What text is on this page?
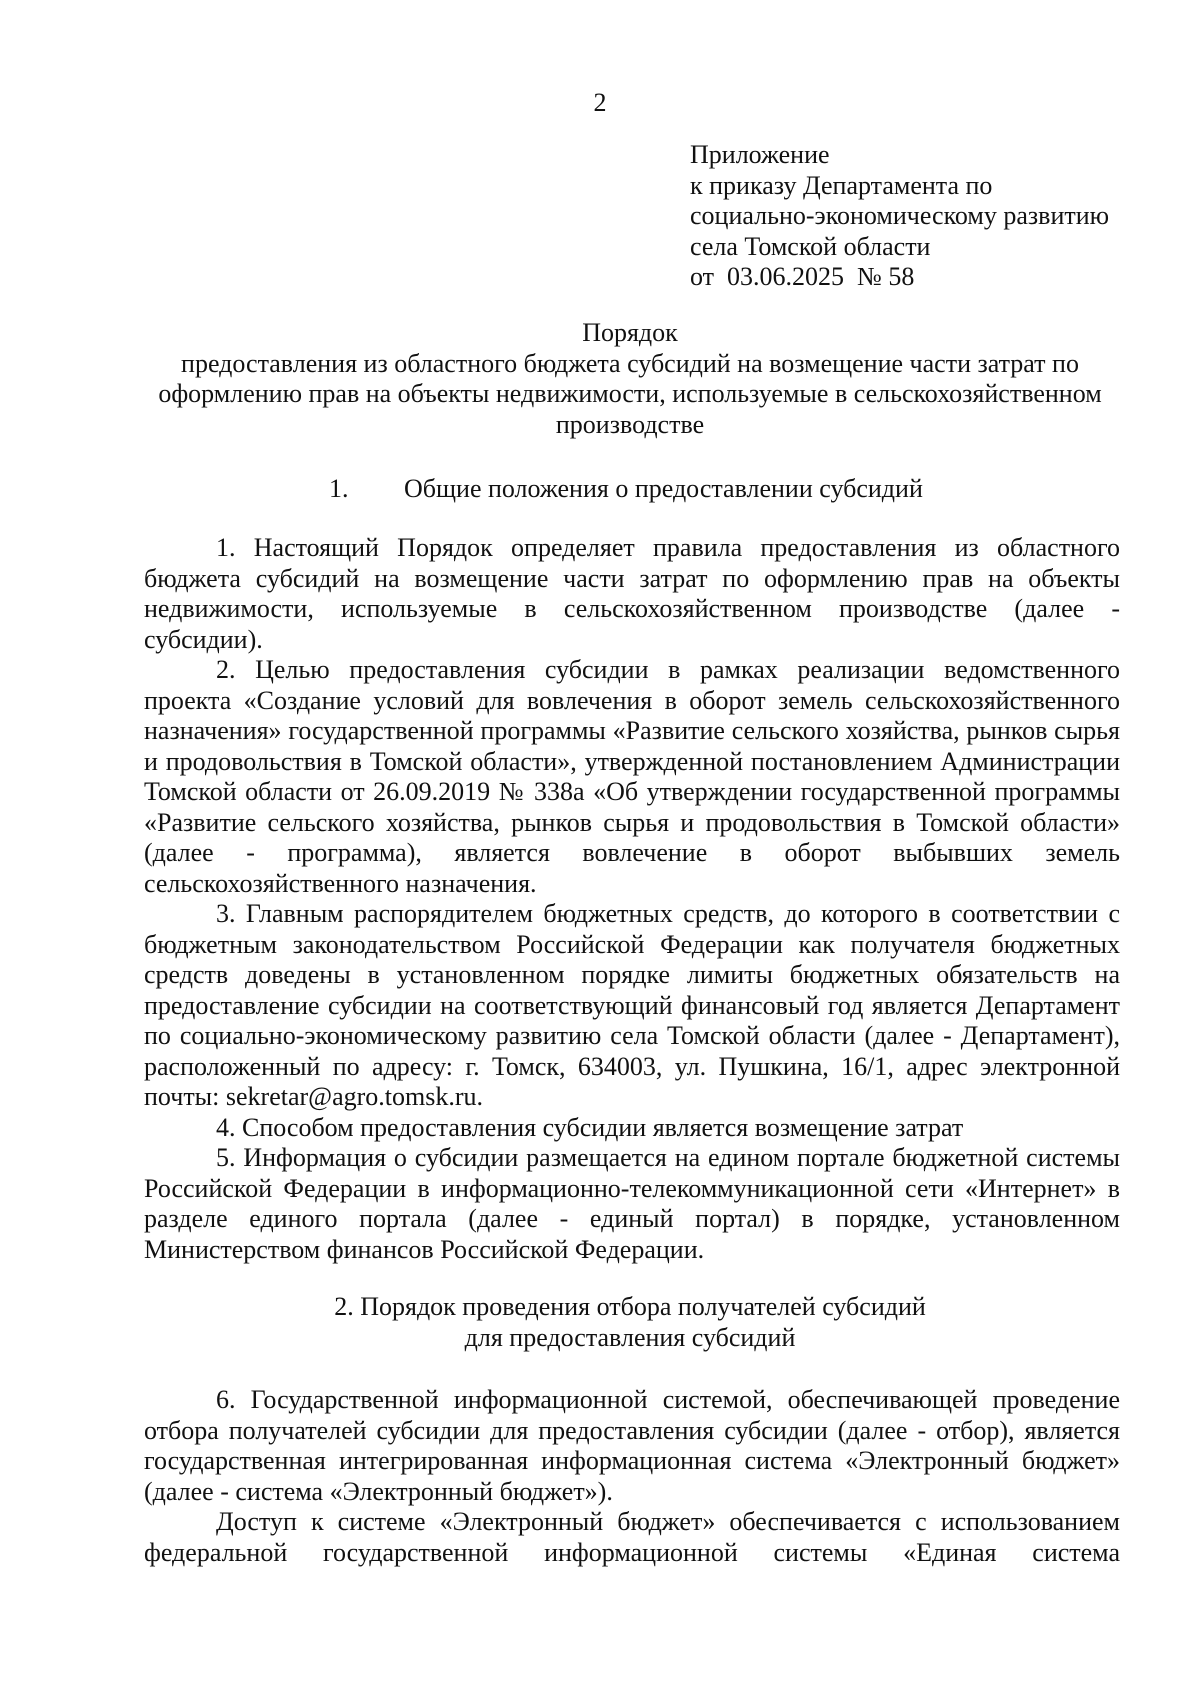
2
Приложение
к приказу Департамента по
социально-экономическому развитию
села Томской области
от  03.06.2025  № 58
Порядок
предоставления из областного бюджета субсидий на возмещение части затрат по
оформлению прав на объекты недвижимости, используемые в сельскохозяйственном
производстве
1. Общие положения о предоставлении субсидий

1. Настоящий Порядок определяет правила предоставления из областного бюджета субсидий на возмещение части затрат по оформлению прав на объекты недвижимости, используемые в сельскохозяйственном производстве (далее - субсидии).

2. Целью предоставления субсидии в рамках реализации ведомственного проекта «Создание условий для вовлечения в оборот земель сельскохозяйственного назначения» государственной программы «Развитие сельского хозяйства, рынков сырья и продовольствия в Томской области», утвержденной постановлением Администрации Томской области от 26.09.2019 № 338а «Об утверждении государственной программы «Развитие сельского хозяйства, рынков сырья и продовольствия в Томской области» (далее - программа), является вовлечение в оборот выбывших земель сельскохозяйственного назначения.

3. Главным распорядителем бюджетных средств, до которого в соответствии с бюджетным законодательством Российской Федерации как получателя бюджетных средств доведены в установленном порядке лимиты бюджетных обязательств на предоставление субсидии на соответствующий финансовый год является Департамент по социально-экономическому развитию села Томской области (далее - Департамент), расположенный по адресу: г. Томск, 634003, ул. Пушкина, 16/1, адрес электронной почты: sekretar@agro.tomsk.ru.

4. Способом предоставления субсидии является возмещение затрат

5. Информация о субсидии размещается на едином портале бюджетной системы Российской Федерации в информационно-телекоммуникационной сети «Интернет» в разделе единого портала (далее - единый портал) в порядке, установленном Министерством финансов Российской Федерации.

2. Порядок проведения отбора получателей субсидий
для предоставления субсидий

6. Государственной информационной системой, обеспечивающей проведение отбора получателей субсидии для предоставления субсидии (далее - отбор), является государственная интегрированная информационная система «Электронный бюджет» (далее - система «Электронный бюджет»).

Доступ к системе «Электронный бюджет» обеспечивается с использованием федеральной государственной информационной системы «Единая система
